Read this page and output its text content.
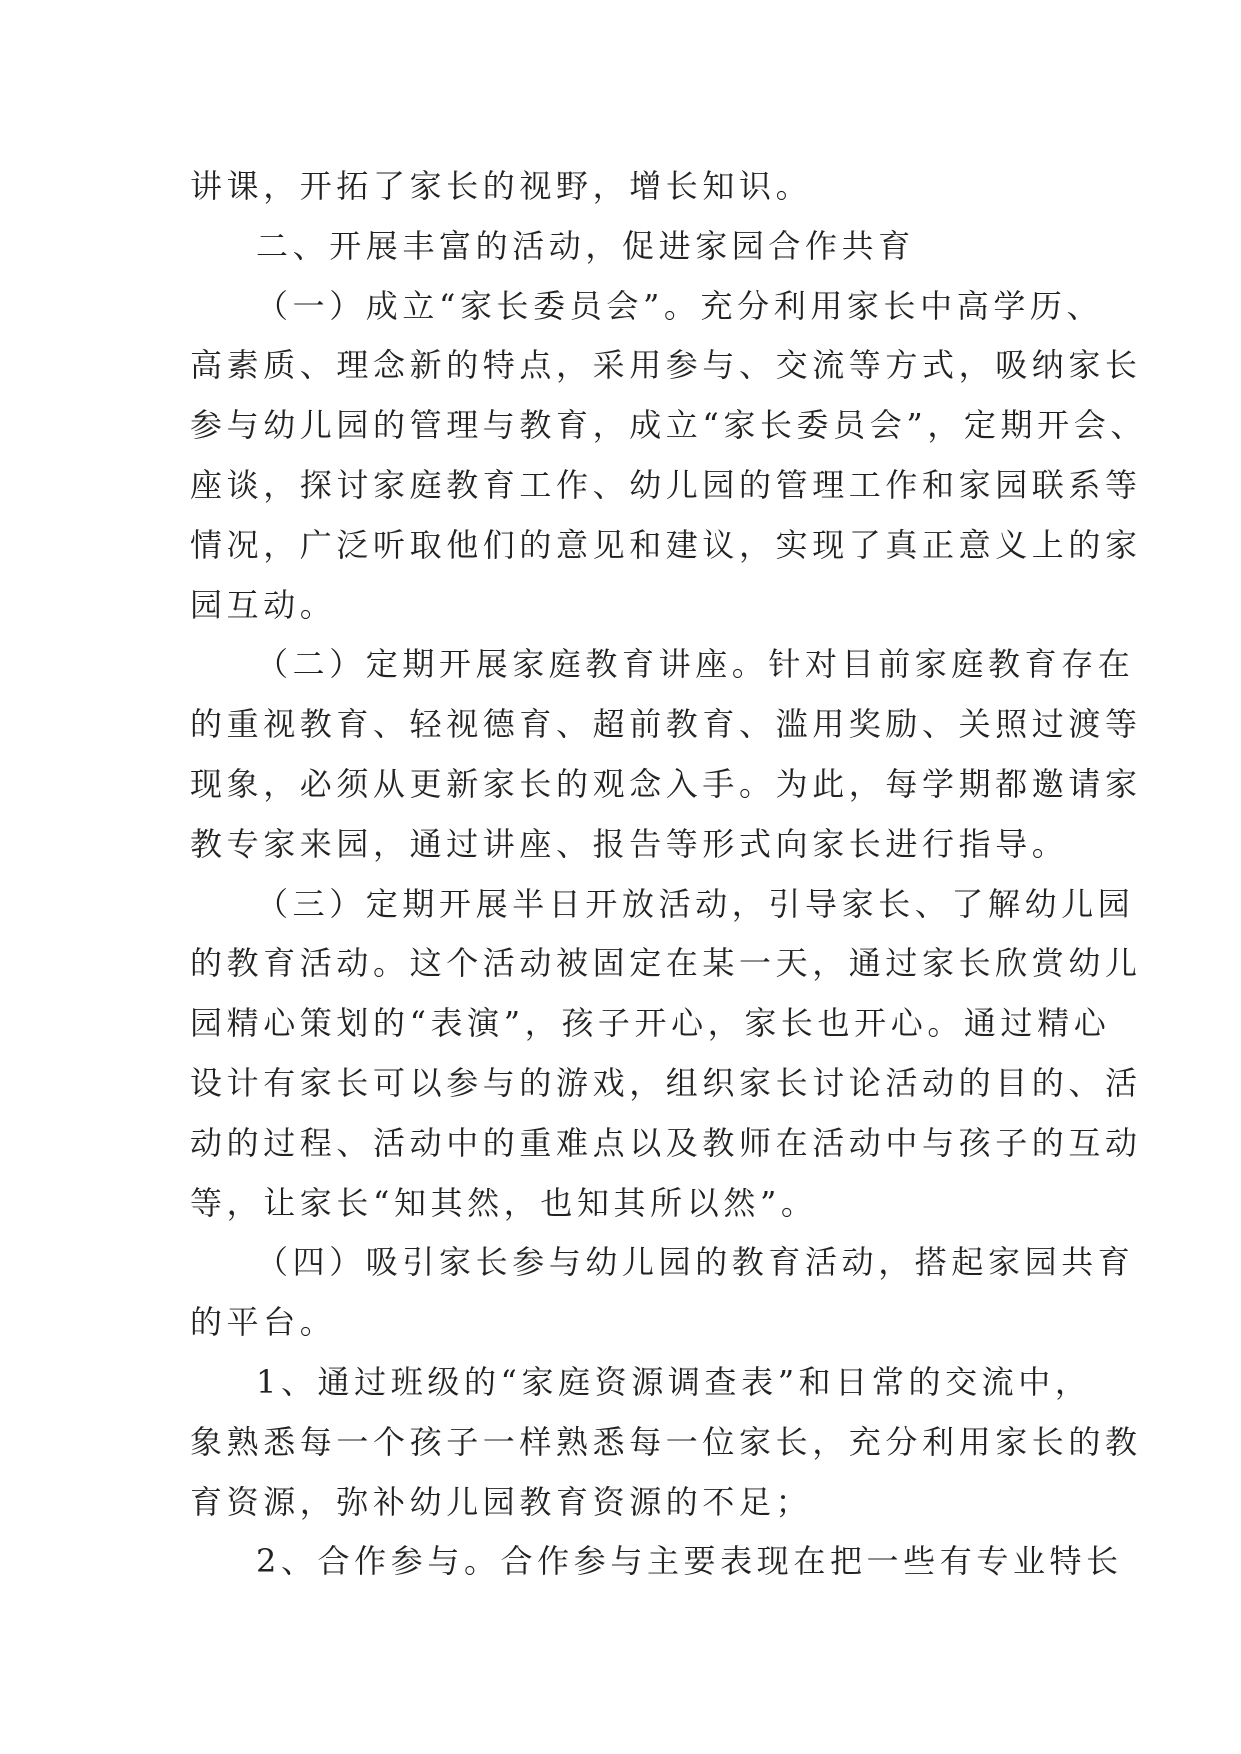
讲课，开拓了家长的视野，增长知识。
二、开展丰富的活动，促进家园合作共育
（一）成立“家长委员会”。充分利用家长中高学历、
高素质、理念新的特点，采用参与、交流等方式，吸纳家长
参与幼儿园的管理与教育，成立“家长委员会”，定期开会、
座谈，探讨家庭教育工作、幼儿园的管理工作和家园联系等
情况，广泛听取他们的意见和建议，实现了真正意义上的家
园互动。
（二）定期开展家庭教育讲座。针对目前家庭教育存在
的重视教育、轻视德育、超前教育、滥用奖励、关照过渡等
现象，必须从更新家长的观念入手。为此，每学期都邀请家
教专家来园，通过讲座、报告等形式向家长进行指导。
（三）定期开展半日开放活动，引导家长、了解幼儿园
的教育活动。这个活动被固定在某一天，通过家长欣赏幼儿
园精心策划的“表演”，孩子开心，家长也开心。通过精心
设计有家长可以参与的游戏，组织家长讨论活动的目的、活
动的过程、活动中的重难点以及教师在活动中与孩子的互动
等，让家长“知其然，也知其所以然”。
（四）吸引家长参与幼儿园的教育活动，搭起家园共育
的平台。
1、通过班级的“家庭资源调查表”和日常的交流中，
象熟悉每一个孩子一样熟悉每一位家长，充分利用家长的教
育资源，弥补幼儿园教育资源的不足；
2、合作参与。合作参与主要表现在把一些有专业特长
